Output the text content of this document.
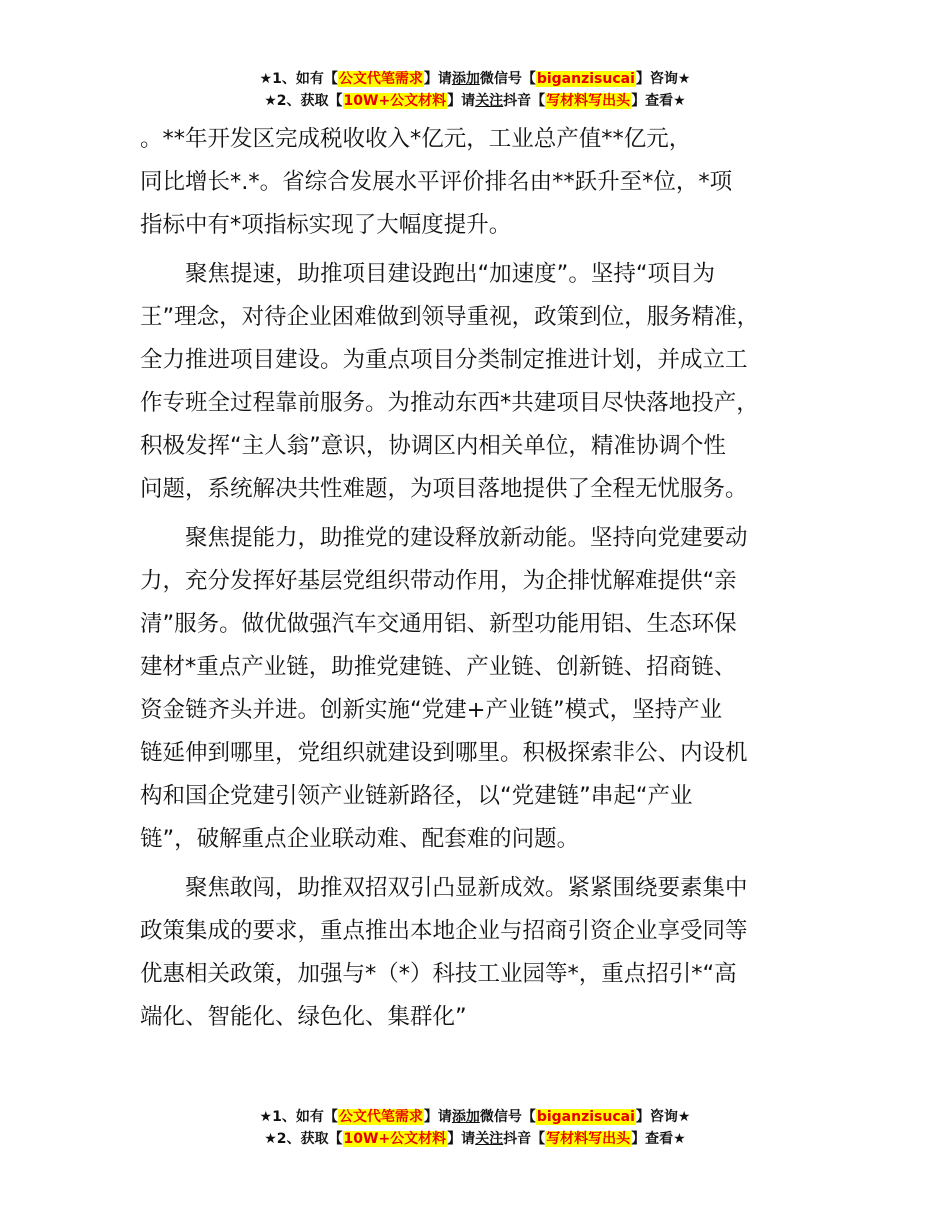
★1、如有【公文代笔需求】请添加微信号【biganzisucai】咨询★
★2、获取【10W+公文材料】请关注抖音【写材料写出头】查看★

。**年开发区完成税收收入*亿元，工业总产值**亿元，
同比增长*.*。省综合发展水平评价排名由**跃升至*位，*项
指标中有*项指标实现了大幅度提升。

　　聚焦提速，助推项目建设跑出“加速度”。坚持“项目为
王”理念，对待企业困难做到领导重视，政策到位，服务精准，
全力推进项目建设。为重点项目分类制定推进计划，并成立工
作专班全过程靠前服务。为推动东西*共建项目尽快落地投产，
积极发挥“主人翁”意识，协调区内相关单位，精准协调个性
问题，系统解决共性难题，为项目落地提供了全程无忧服务。

　　聚焦提能力，助推党的建设释放新动能。坚持向党建要动
力，充分发挥好基层党组织带动作用，为企排忧解难提供“亲
清”服务。做优做强汽车交通用铝、新型功能用铝、生态环保
建材*重点产业链，助推党建链、产业链、创新链、招商链、
资金链齐头并进。创新实施“党建+产业链”模式，坚持产业
链延伸到哪里，党组织就建设到哪里。积极探索非公、内设机
构和国企党建引领产业链新路径，以“党建链”串起“产业
链”，破解重点企业联动难、配套难的问题。

　　聚焦敢闯，助推双招双引凸显新成效。紧紧围绕要素集中
政策集成的要求，重点推出本地企业与招商引资企业享受同等
优惠相关政策，加强与*（*）科技工业园等*，重点招引*“高
端化、智能化、绿色化、集群化”

★1、如有【公文代笔需求】请添加微信号【biganzisucai】咨询★
★2、获取【10W+公文材料】请关注抖音【写材料写出头】查看★
